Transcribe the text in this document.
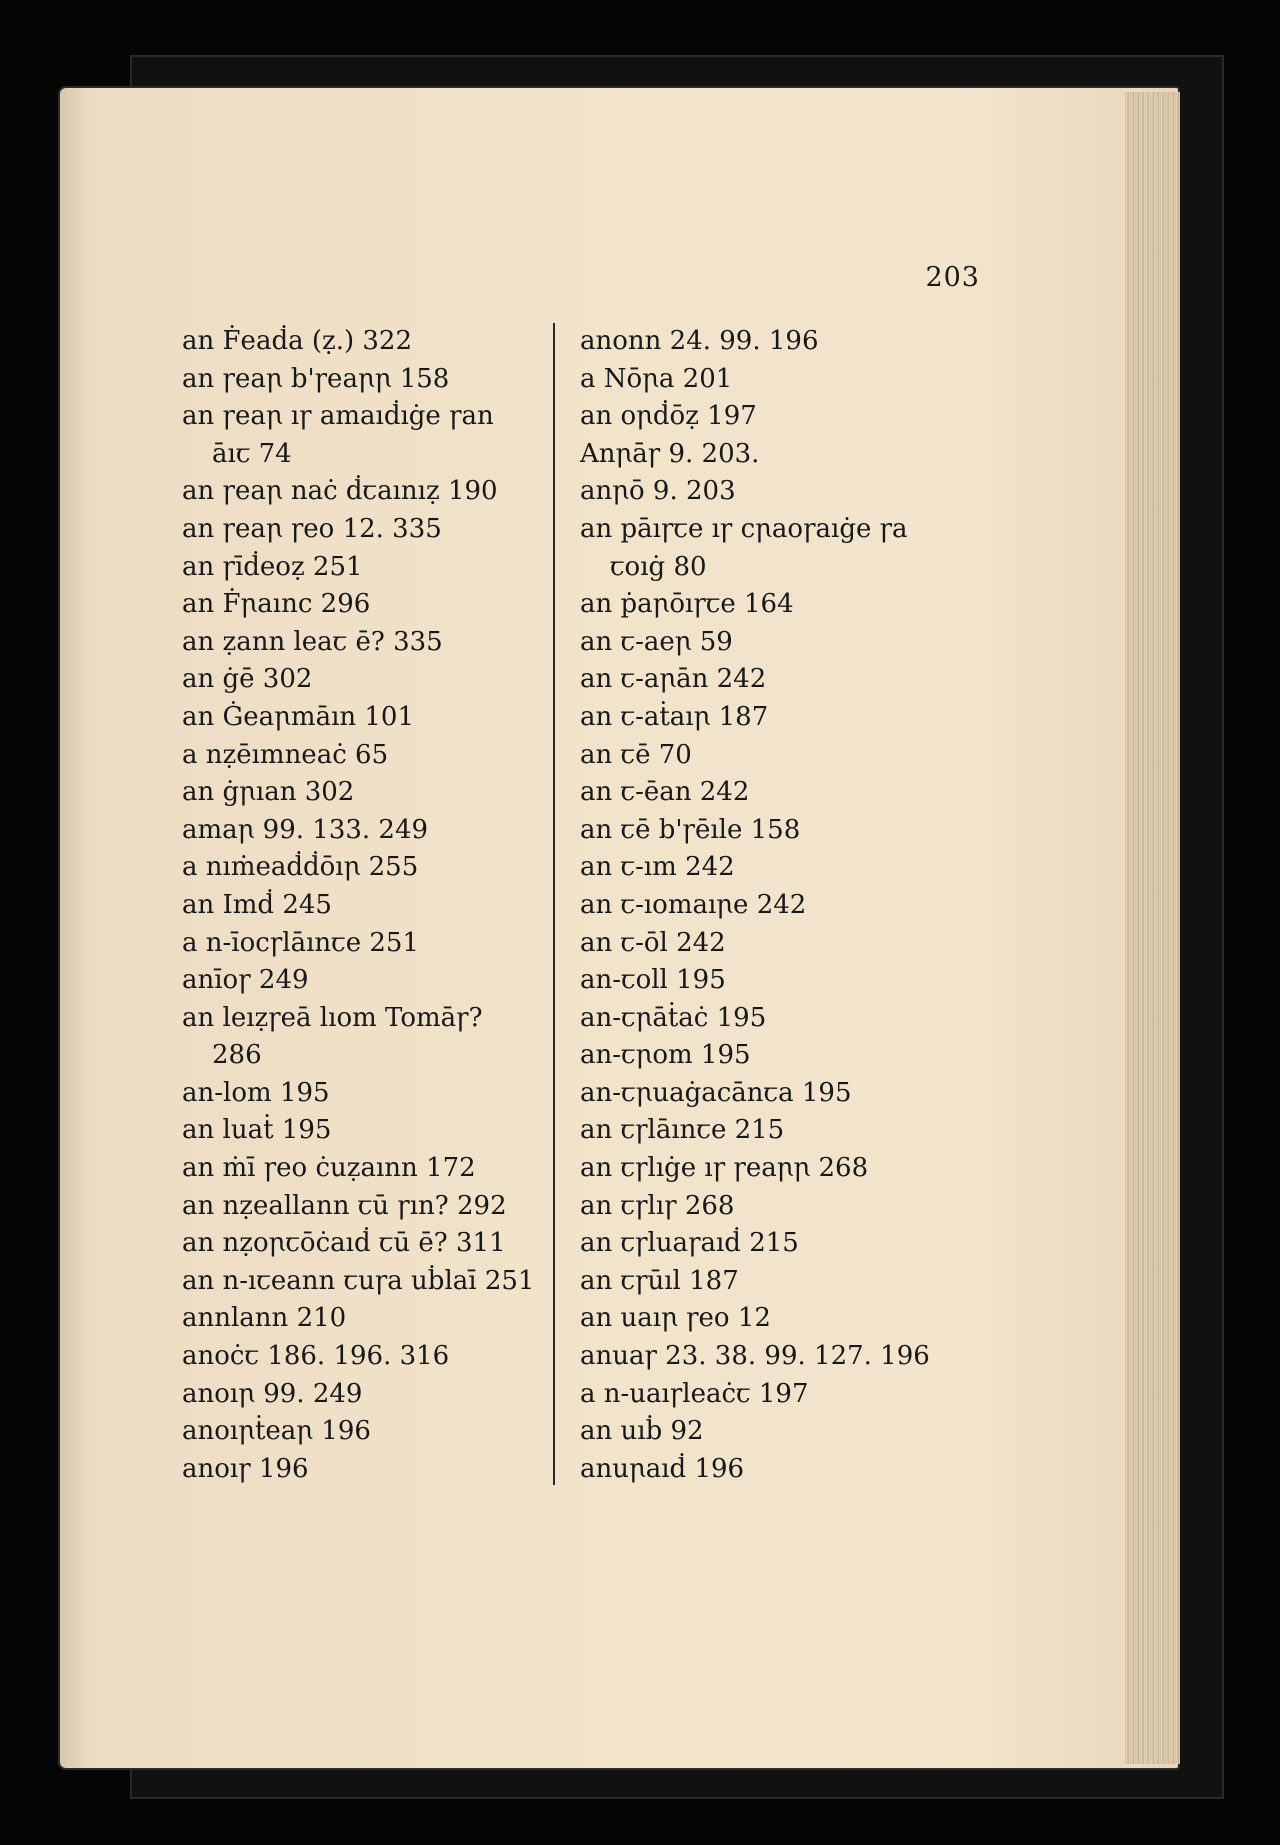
203
an Ḟeaḋa (ẓ.) 322
an ꞅeaꞃ b'ꞅeaꞃꞃ 158
an ꞅeaꞃ ıꞅ amaıḋıġe ꞅan
āıꞇ 74
an ꞅeaꞃ naċ ḋꞇaınıẓ 190
an ꞅeaꞃ ꞅeo 12. 335
an ꞅīḋeoẓ 251
an Ḟꞃaınc 296
an ẓann leaꞇ ē? 335
an ġē 302
an Ġeaꞃmāın 101
a nẓēımneaċ 65
an ġꞃıan 302
amaꞃ 99. 133. 249
a nıṁeaḋḋōıꞃ 255
an Imḋ 245
a n-īocꞅlāınꞇe 251
anīoꞅ 249
an leıẓꞅeā lıom Tomāꞅ?
286
an-lom 195
an luaṫ 195
an ṁī ꞅeo ċuẓaınn 172
an nẓeallann ꞇū ꞅın? 292
an nẓoꞃꞇōċaıḋ ꞇū ē? 311
an n-ıꞇeann ꞇuꞅa uḃlaī 251
annlann 210
anoċꞇ 186. 196. 316
anoıꞃ 99. 249
anoıꞃṫeaꞃ 196
anoıꞅ 196
anonn 24. 99. 196
a Nōꞃa 201
an oꞃḋōẓ 197
Anꞃāꞅ 9. 203.
anꞃō 9. 203
an pāıꞅꞇe ıꞅ cꞃaoꞅaıġe ꞅa
ꞇoıġ 80
an ṗaꞃōıꞅꞇe 164
an ꞇ-aeꞃ 59
an ꞇ-aꞃān 242
an ꞇ-aṫaıꞃ 187
an ꞇē 70
an ꞇ-ēan 242
an ꞇē b'ꞅēıle 158
an ꞇ-ım 242
an ꞇ-ıomaıꞃe 242
an ꞇ-ōl 242
an-ꞇoll 195
an-ꞇꞃāṫaċ 195
an-ꞇꞃom 195
an-ꞇꞃuaġacānꞇa 195
an ꞇꞅlāınꞇe 215
an ꞇꞅlıġe ıꞅ ꞅeaꞃꞃ 268
an ꞇꞅlıꞅ 268
an ꞇꞅluaꞅaıḋ 215
an ꞇꞅūıl 187
an uaıꞃ ꞅeo 12
anuaꞅ 23. 38. 99. 127. 196
a n-uaıꞅleaċꞇ 197
an uıḃ 92
anuꞃaıḋ 196
